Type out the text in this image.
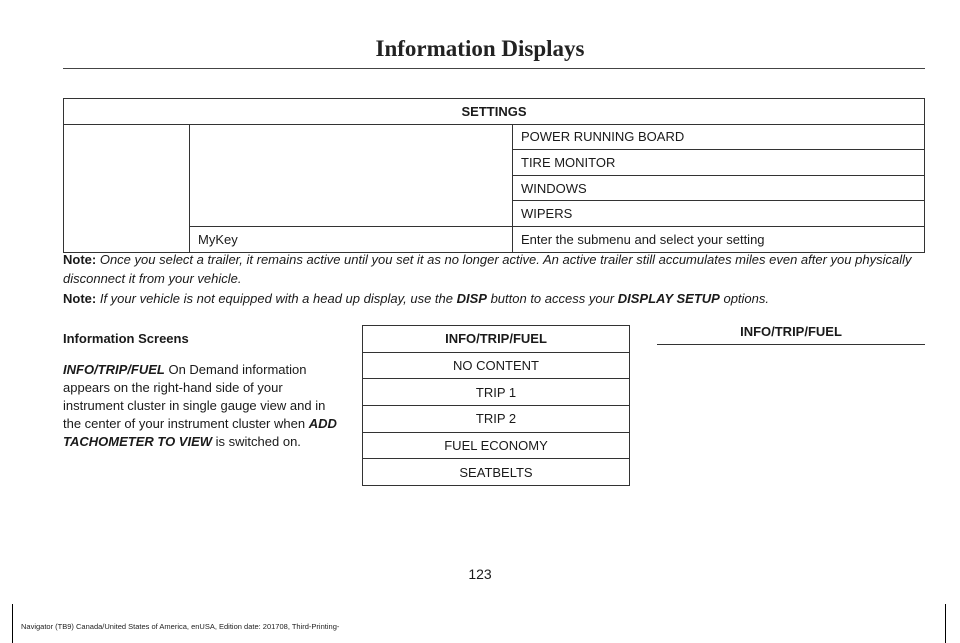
Information Displays
SETTINGS		
		POWER RUNNING BOARD
		TIRE MONITOR
		WINDOWS
		WIPERS
	MyKey	Enter the submenu and select your setting
Note: Once you select a trailer, it remains active until you set it as no longer active. An active trailer still accumulates miles even after you physically disconnect it from your vehicle.
Note: If your vehicle is not equipped with a head up display, use the DISP button to access your DISPLAY SETUP options.
Information Screens
INFO/TRIP/FUEL On Demand information appears on the right-hand side of your instrument cluster in single gauge view and in the center of your instrument cluster when ADD TACHOMETER TO VIEW is switched on.
INFO/TRIP/FUEL
NO CONTENT
TRIP 1
TRIP 2
FUEL ECONOMY
SEATBELTS
INFO/TRIP/FUEL
123
Navigator (TB9) Canada/United States of America, enUSA, Edition date: 201708, Third-Printing-
